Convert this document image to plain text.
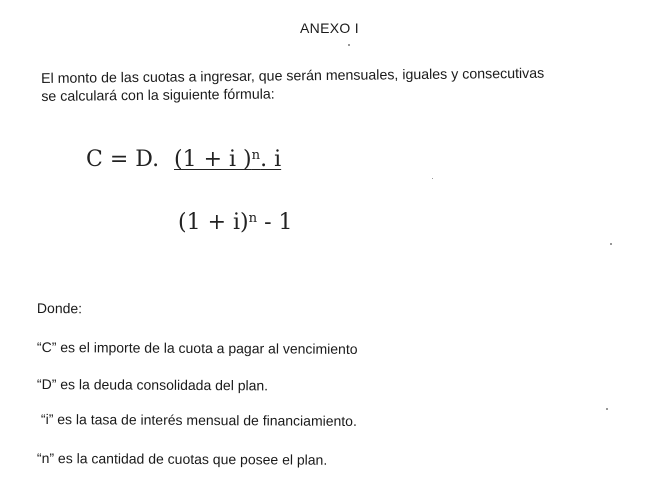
ANEXO I

El monto de las cuotas a ingresar, que serán mensuales, iguales y consecutivas

se calculará con la siguiente fórmula:

C = D. (1 + i )$^n$. i
$(1 + i)^n - 1$
Donde:
“C” es el importe de la cuota a pagar al vencimiento
“D” es la deuda consolidada del plan.
“i” es la tasa de interés mensual de financiamiento.
“n” es la cantidad de cuotas que posee el plan.
